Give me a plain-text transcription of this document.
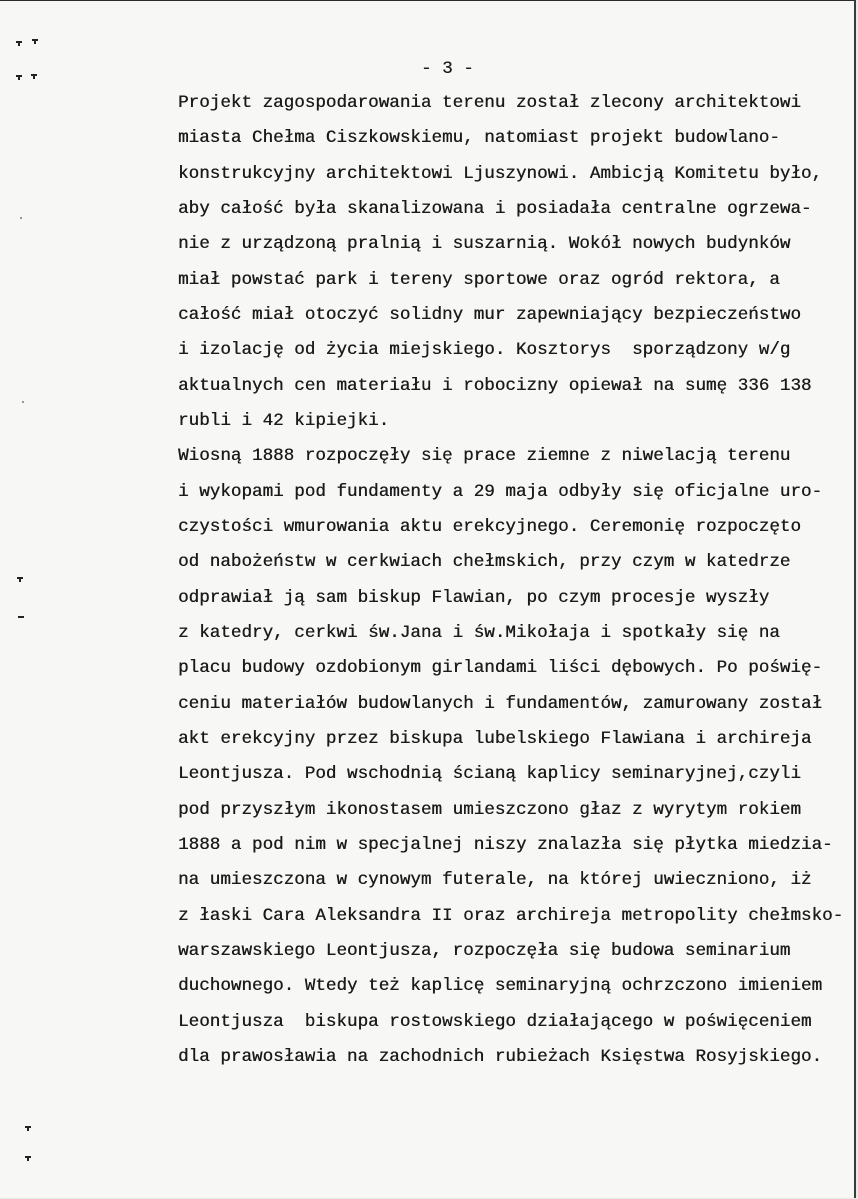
- 3 -
Projekt zagospodarowania terenu został zlecony architektowi
miasta Chełma Ciszkowskiemu, natomiast projekt budowlano-
konstrukcyjny architektowi Ljuszynowi. Ambicją Komitetu było,
aby całość była skanalizowana i posiadała centralne ogrzewa-
nie z urządzoną pralnią i suszarnią. Wokół nowych budynków
miał powstać park i tereny sportowe oraz ogród rektora, a
całość miał otoczyć solidny mur zapewniający bezpieczeństwo
i izolację od życia miejskiego. Kosztorys  sporządzony w/g
aktualnych cen materiału i robocizny opiewał na sumę 336 138
rubli i 42 kipiejki.
Wiosną 1888 rozpoczęły się prace ziemne z niwelacją terenu
i wykopami pod fundamenty a 29 maja odbyły się oficjalne uro-
czystości wmurowania aktu erekcyjnego. Ceremonię rozpoczęto
od nabożeństw w cerkwiach chełmskich, przy czym w katedrze
odprawiał ją sam biskup Flawian, po czym procesje wyszły
z katedry, cerkwi św.Jana i św.Mikołaja i spotkały się na
placu budowy ozdobionym girlandami liści dębowych. Po poświę-
ceniu materiałów budowlanych i fundamentów, zamurowany został
akt erekcyjny przez biskupa lubelskiego Flawiana i archireja
Leontjusza. Pod wschodnią ścianą kaplicy seminaryjnej,czyli
pod przyszłym ikonostasem umieszczono głaz z wyrytym rokiem
1888 a pod nim w specjalnej niszy znalazła się płytka miedzia-
na umieszczona w cynowym futerale, na której uwieczniono, iż
z łaski Cara Aleksandra II oraz archireja metropolity chełmsko-
warszawskiego Leontjusza, rozpoczęła się budowa seminarium
duchownego. Wtedy też kaplicę seminaryjną ochrzczono imieniem
Leontjusza  biskupa rostowskiego działającego w poświęceniem
dla prawosławia na zachodnich rubieżach Księstwa Rosyjskiego.
